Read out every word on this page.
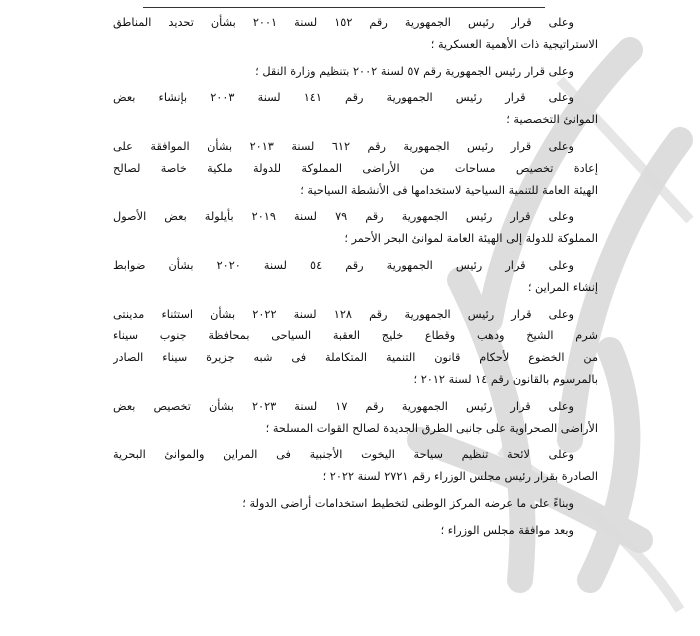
وعلى قرار رئيس الجمهورية رقم ١٥٢ لسنة ٢٠٠١ بشأن تحديد المناطق
الاستراتيجية ذات الأهمية العسكرية ؛
وعلى قرار رئيس الجمهورية رقم ٥٧ لسنة ٢٠٠٢ بتنظيم وزارة النقل ؛
وعلى قرار رئيس الجمهورية رقم ١٤١ لسنة ٢٠٠٣ بإنشاء بعض
الموانئ التخصصية ؛
وعلى قرار رئيس الجمهورية رقم ٦١٢ لسنة ٢٠١٣ بشأن الموافقة على
إعادة تخصيص مساحات من الأراضى المملوكة للدولة ملكية خاصة لصالح
الهيئة العامة للتنمية السياحية لاستخدامها فى الأنشطة السياحية ؛
وعلى قرار رئيس الجمهورية رقم ٧٩ لسنة ٢٠١٩ بأيلولة بعض الأصول
المملوكة للدولة إلى الهيئة العامة لموانئ البحر الأحمر ؛
وعلى قرار رئيس الجمهورية رقم ٥٤ لسنة ٢٠٢٠ بشأن ضوابط
إنشاء المراين ؛
وعلى قرار رئيس الجمهورية رقم ١٢٨ لسنة ٢٠٢٢ بشأن استثناء مدينتى
شرم الشيخ ودهب وقطاع خليج العقبة السياحى بمحافظة جنوب سيناء
من الخضوع لأحكام قانون التنمية المتكاملة فى شبه جزيرة سيناء الصادر
بالمرسوم بالقانون رقم ١٤ لسنة ٢٠١٢ ؛
وعلى قرار رئيس الجمهورية رقم ١٧ لسنة ٢٠٢٣ بشأن تخصيص بعض
الأراضى الصحراوية على جانبى الطرق الجديدة لصالح القوات المسلحة ؛
وعلى لائحة تنظيم سياحة اليخوت الأجنبية فى المراين والموانئ البحرية
الصادرة بقرار رئيس مجلس الوزراء رقم ٢٧٢١ لسنة ٢٠٢٢ ؛
وبناءً على ما عرضه المركز الوطنى لتخطيط استخدامات أراضى الدولة ؛
وبعد موافقة مجلس الوزراء ؛
